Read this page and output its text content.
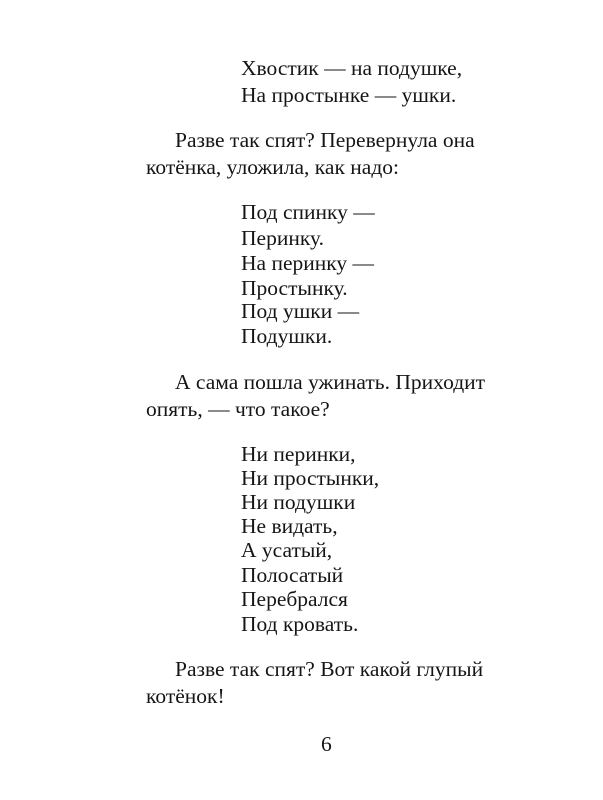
Хвостик — на подушке,
На простынке — ушки.
Разве так спят? Перевернула она
котёнка, уложила, как надо:
Под спинку —
Перинку.
На перинку —
Простынку.
Под ушки —
Подушки.
А сама пошла ужинать. Приходит
опять, — что такое?
Ни перинки,
Ни простынки,
Ни подушки
Не видать,
А усатый,
Полосатый
Перебрался
Под кровать.
Разве так спят? Вот какой глупый
котёнок!
6
